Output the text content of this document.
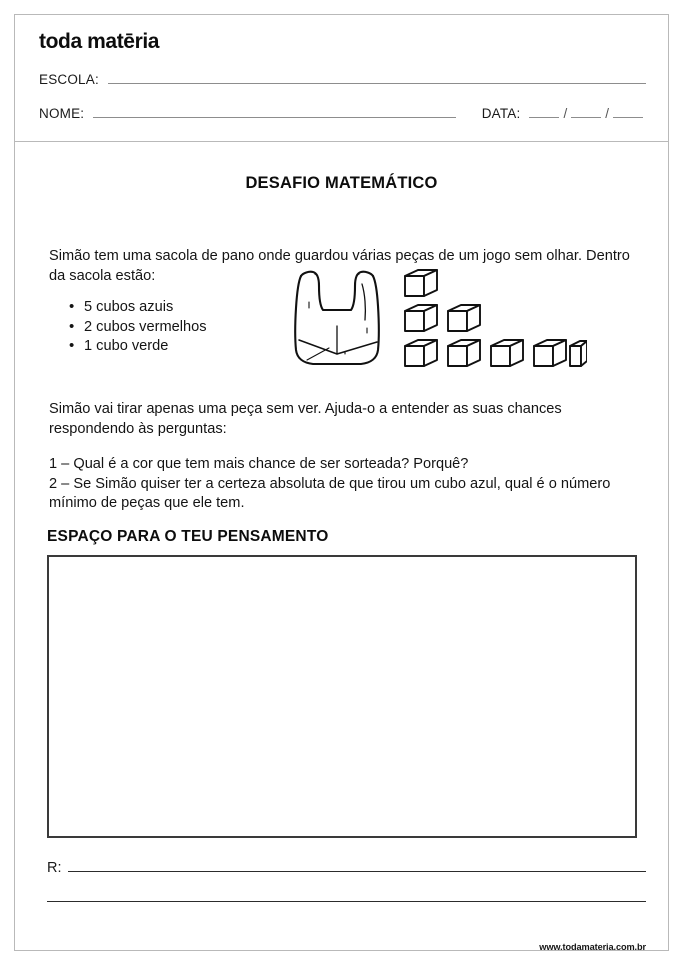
toda matēria
ESCOLA:
NOME:	DATA:	/	/
DESAFIO MATEMÁTICO
Simão tem uma sacola de pano onde guardou várias peças de um jogo sem olhar. Dentro da sacola estão:
• 5 cubos azuis
• 2 cubos vermelhos
• 1 cubo verde
Simão vai tirar apenas uma peça sem ver. Ajuda-o a entender as suas chances respondendo às perguntas:
1 – Qual é a cor que tem mais chance de ser sorteada? Porquê?
2 – Se Simão quiser ter a certeza absoluta de que tirou um cubo azul, qual é o número mínimo de peças que ele tem.
ESPAÇO PARA O TEU PENSAMENTO
R:
www.todamateria.com.br
